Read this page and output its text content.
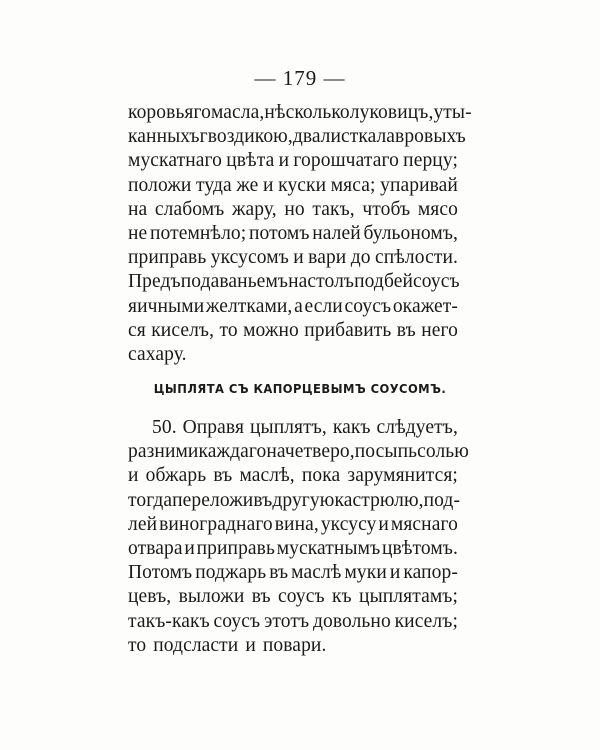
— 179 —
коровьяго масла, нѣсколько луковицъ, уты-
канныхъ гвоздикою, два листка лавровыхъ
мускатнаго цвѣта и горошчатаго перцу;
положи туда же и куски мяса; упаривай
на слабомъ жару, но такъ, чтобъ мясо
не потемнѣло; потомъ налей бульономъ,
приправь уксусомъ и вари до спѣлости.
Предъ подаваньемъ на столъ подбей соусъ
яичными желтками, а если соусъ окажет-
ся киселъ, то можно прибавить въ него
сахару.
ЦЫПЛЯТА СЪ КАПОРЦЕВЫМЪ СОУСОМЪ.
50. Оправя цыплятъ, какъ слѣдуетъ,
разними каждаго начетверо, посыпь солью
и обжарь въ маслѣ, пока зарумянится;
тогда переложи въ другую кастрюлю, под-
лей винограднаго вина, уксусу и мяснаго
отвара и приправь мускатнымъ цвѣтомъ.
Потомъ поджарь въ маслѣ муки и капор-
цевъ, выложи въ соусъ къ цыплятамъ;
такъ-какъ соусъ этотъ довольно киселъ;
то подсласти и повари.
